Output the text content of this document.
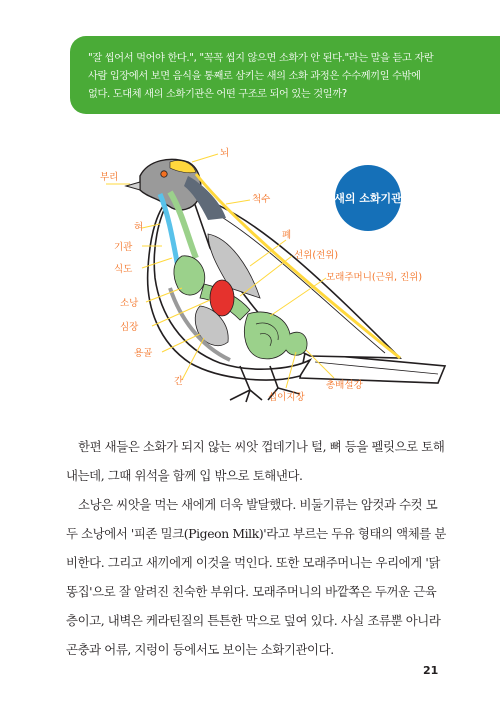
"잘 씹어서 먹어야 한다.", "꼭꼭 씹지 않으면 소화가 안 된다."라는 말을 듣고 자란
사람 입장에서 보면 음식을 통째로 삼키는 새의 소화 과정은 수수께끼일 수밖에
없다. 도대체 새의 소화기관은 어떤 구조로 되어 있는 것일까?
새의 소화기관
뇌
부리
척수
혀
기관
폐
식도
선위(전위)
모래주머니(근위, 진위)
소낭
심장
용골
간
십이지장
총배설강

한편 새들은 소화가 되지 않는 씨앗 껍데기나 털, 뼈 등을 펠릿으로 토해내는데, 그때 위석을 함께 입 밖으로 토해낸다.

소낭은 씨앗을 먹는 새에게 더욱 발달했다. 비둘기류는 암컷과 수컷 모두 소낭에서 '피존 밀크(Pigeon Milk)'라고 부르는 두유 형태의 액체를 분비한다. 그리고 새끼에게 이것을 먹인다. 또한 모래주머니는 우리에게 '닭똥집'으로 잘 알려진 친숙한 부위다. 모래주머니의 바깥쪽은 두꺼운 근육층이고, 내벽은 케라틴질의 튼튼한 막으로 덮여 있다. 사실 조류뿐 아니라 곤충과 어류, 지렁이 등에서도 보이는 소화기관이다.

21
